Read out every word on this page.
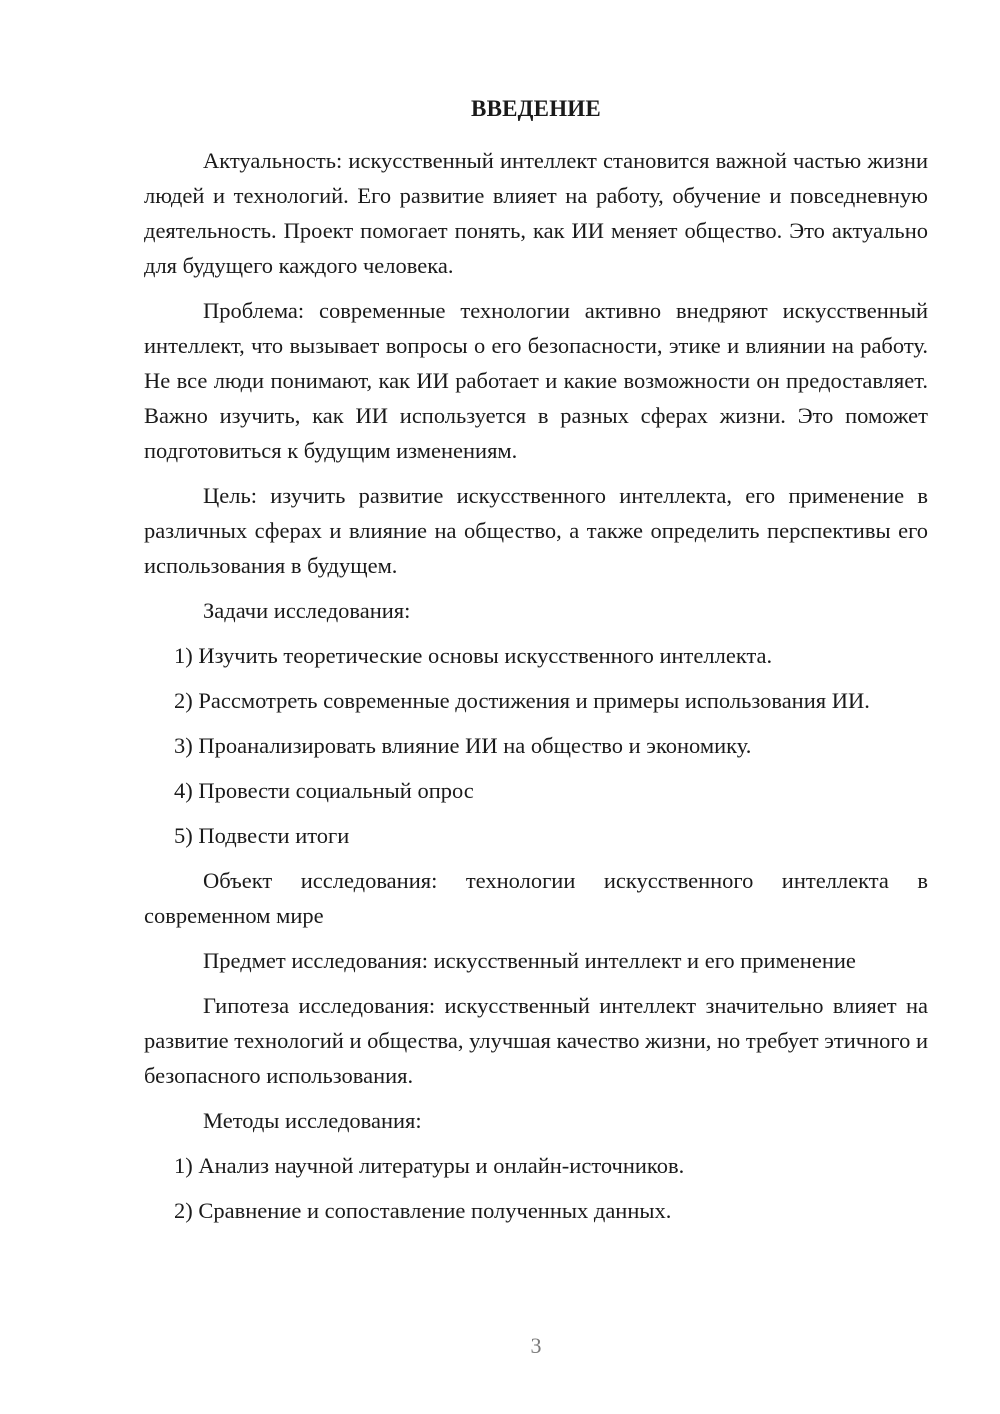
ВВЕДЕНИЕ

Актуальность: искусственный интеллект становится важной частью жизни людей и технологий. Его развитие влияет на работу, обучение и повседневную деятельность. Проект помогает понять, как ИИ меняет общество. Это актуально для будущего каждого человека.

Проблема: современные технологии активно внедряют искусственный интеллект, что вызывает вопросы о его безопасности, этике и влиянии на работу. Не все люди понимают, как ИИ работает и какие возможности он предоставляет. Важно изучить, как ИИ используется в разных сферах жизни. Это поможет подготовиться к будущим изменениям.

Цель: изучить развитие искусственного интеллекта, его применение в различных сферах и влияние на общество, а также определить перспективы его использования в будущем.

Задачи исследования:

1) Изучить теоретические основы искусственного интеллекта.

2) Рассмотреть современные достижения и примеры использования ИИ.

3) Проанализировать влияние ИИ на общество и экономику.

4) Провести социальный опрос

5) Подвести итоги

Объект исследования: технологии искусственного интеллекта в современном мире

Предмет исследования: искусственный интеллект и его применение

Гипотеза исследования: искусственный интеллект значительно влияет на развитие технологий и общества, улучшая качество жизни, но требует этичного и безопасного использования.

Методы исследования:

1) Анализ научной литературы и онлайн-источников.

2) Сравнение и сопоставление полученных данных.

3
